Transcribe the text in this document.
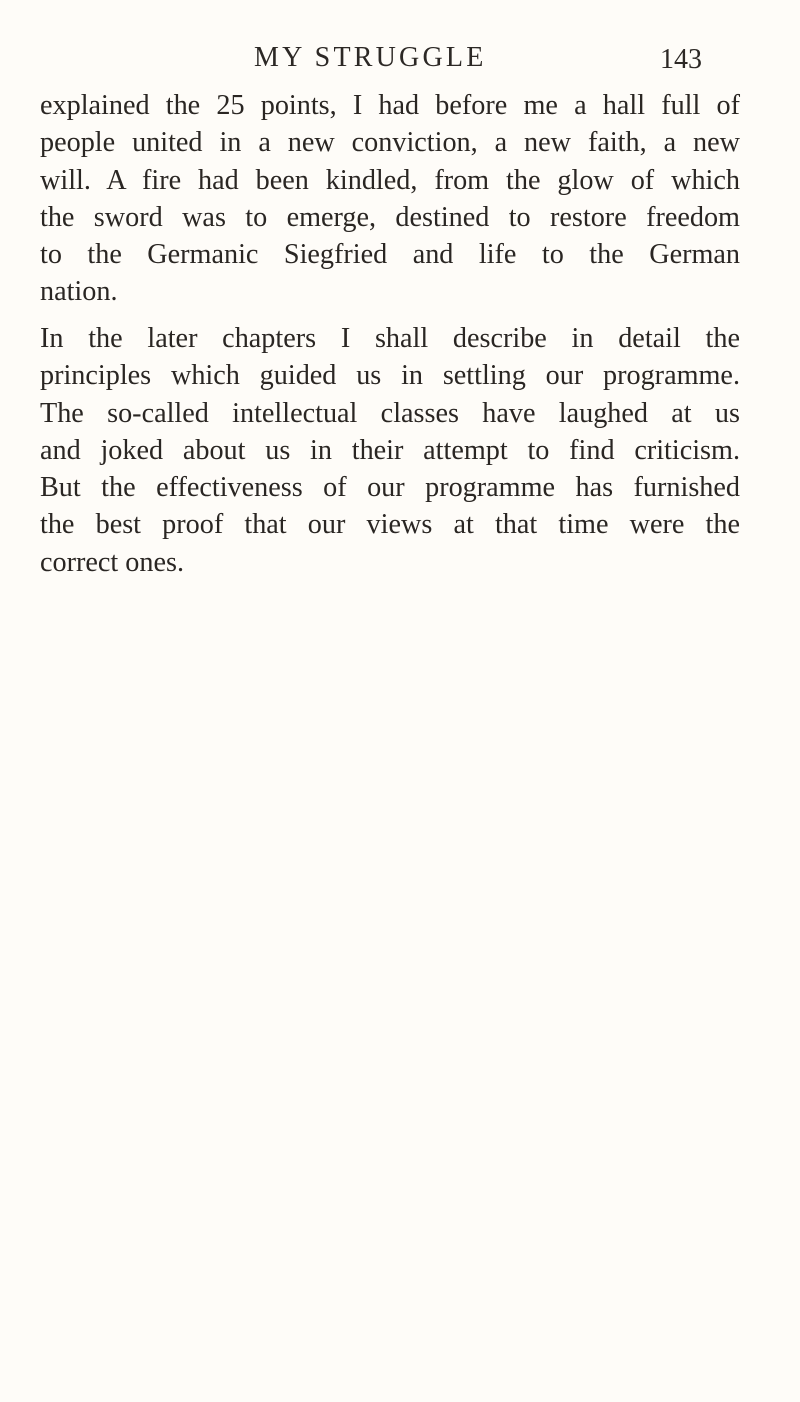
MY STRUGGLE	143
explained the 25 points, I had before me a hall full of
people united in a new conviction, a new faith, a new
will. A fire had been kindled, from the glow of which
the sword was to emerge, destined to restore freedom
to the Germanic Siegfried and life to the German
nation.
In the later chapters I shall describe in detail the
principles which guided us in settling our programme.
The so-called intellectual classes have laughed at us
and joked about us in their attempt to find criticism.
But the effectiveness of our programme has furnished
the best proof that our views at that time were the
correct ones.
